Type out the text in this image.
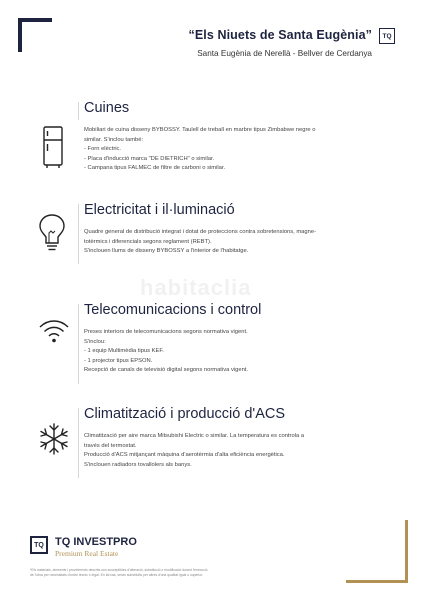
“Els Niuets de Santa Eugènia”
Santa Eugènia de Nerellà - Bellver de Cerdanya
TQ
habitaclia
Cuines
Mobiliari de cuina disseny BYBOSSY. Taulell de treball en marbre tipus Zimbabwe negre o
similar. S'inclou també:
- Forn elèctric.
- Placa d'inducció marca "DE DIETRICH" o similar.
- Campana tipus FALMEC de filtre de carboni o similar.
Electricitat i il·luminació
Quadre general de distribució integrat i dotat de proteccions contra sobretensions, magne-
totèrmics i diferencials segons reglament (REBT).
S'inclouen llums de disseny BYBOSSY a l'interior de l'habitatge.
Telecomunicacions i control
Preses interiors de telecomunicacions segons normativa vigent.
S'inclou:
- 1 equip Multimèdia tipus KEF.
- 1 projector tipus EPSON.
Recepció de canals de televisió digital segons normativa vigent.
Climatització i producció d'ACS
Climatització per aire marca Mitsubishi Electric o similar. La temperatura es controla a
través del termostat.
Producció d'ACS mitjançant màquina d'aerotèrmia d'alta eficiència energètica.
S'inclouen radiadors tovallolers als banys.
TQ TQ INVESTPRO
Premium Real Estate
*Els materials, elements i proveïments descrits són susceptibles d'alteració, substitució o modificació durant l'execució
de l'obra per necessitats d'ordre tècnic o legal. En tal cas, seran substituïts per altres d'una qualitat igual o superior.
